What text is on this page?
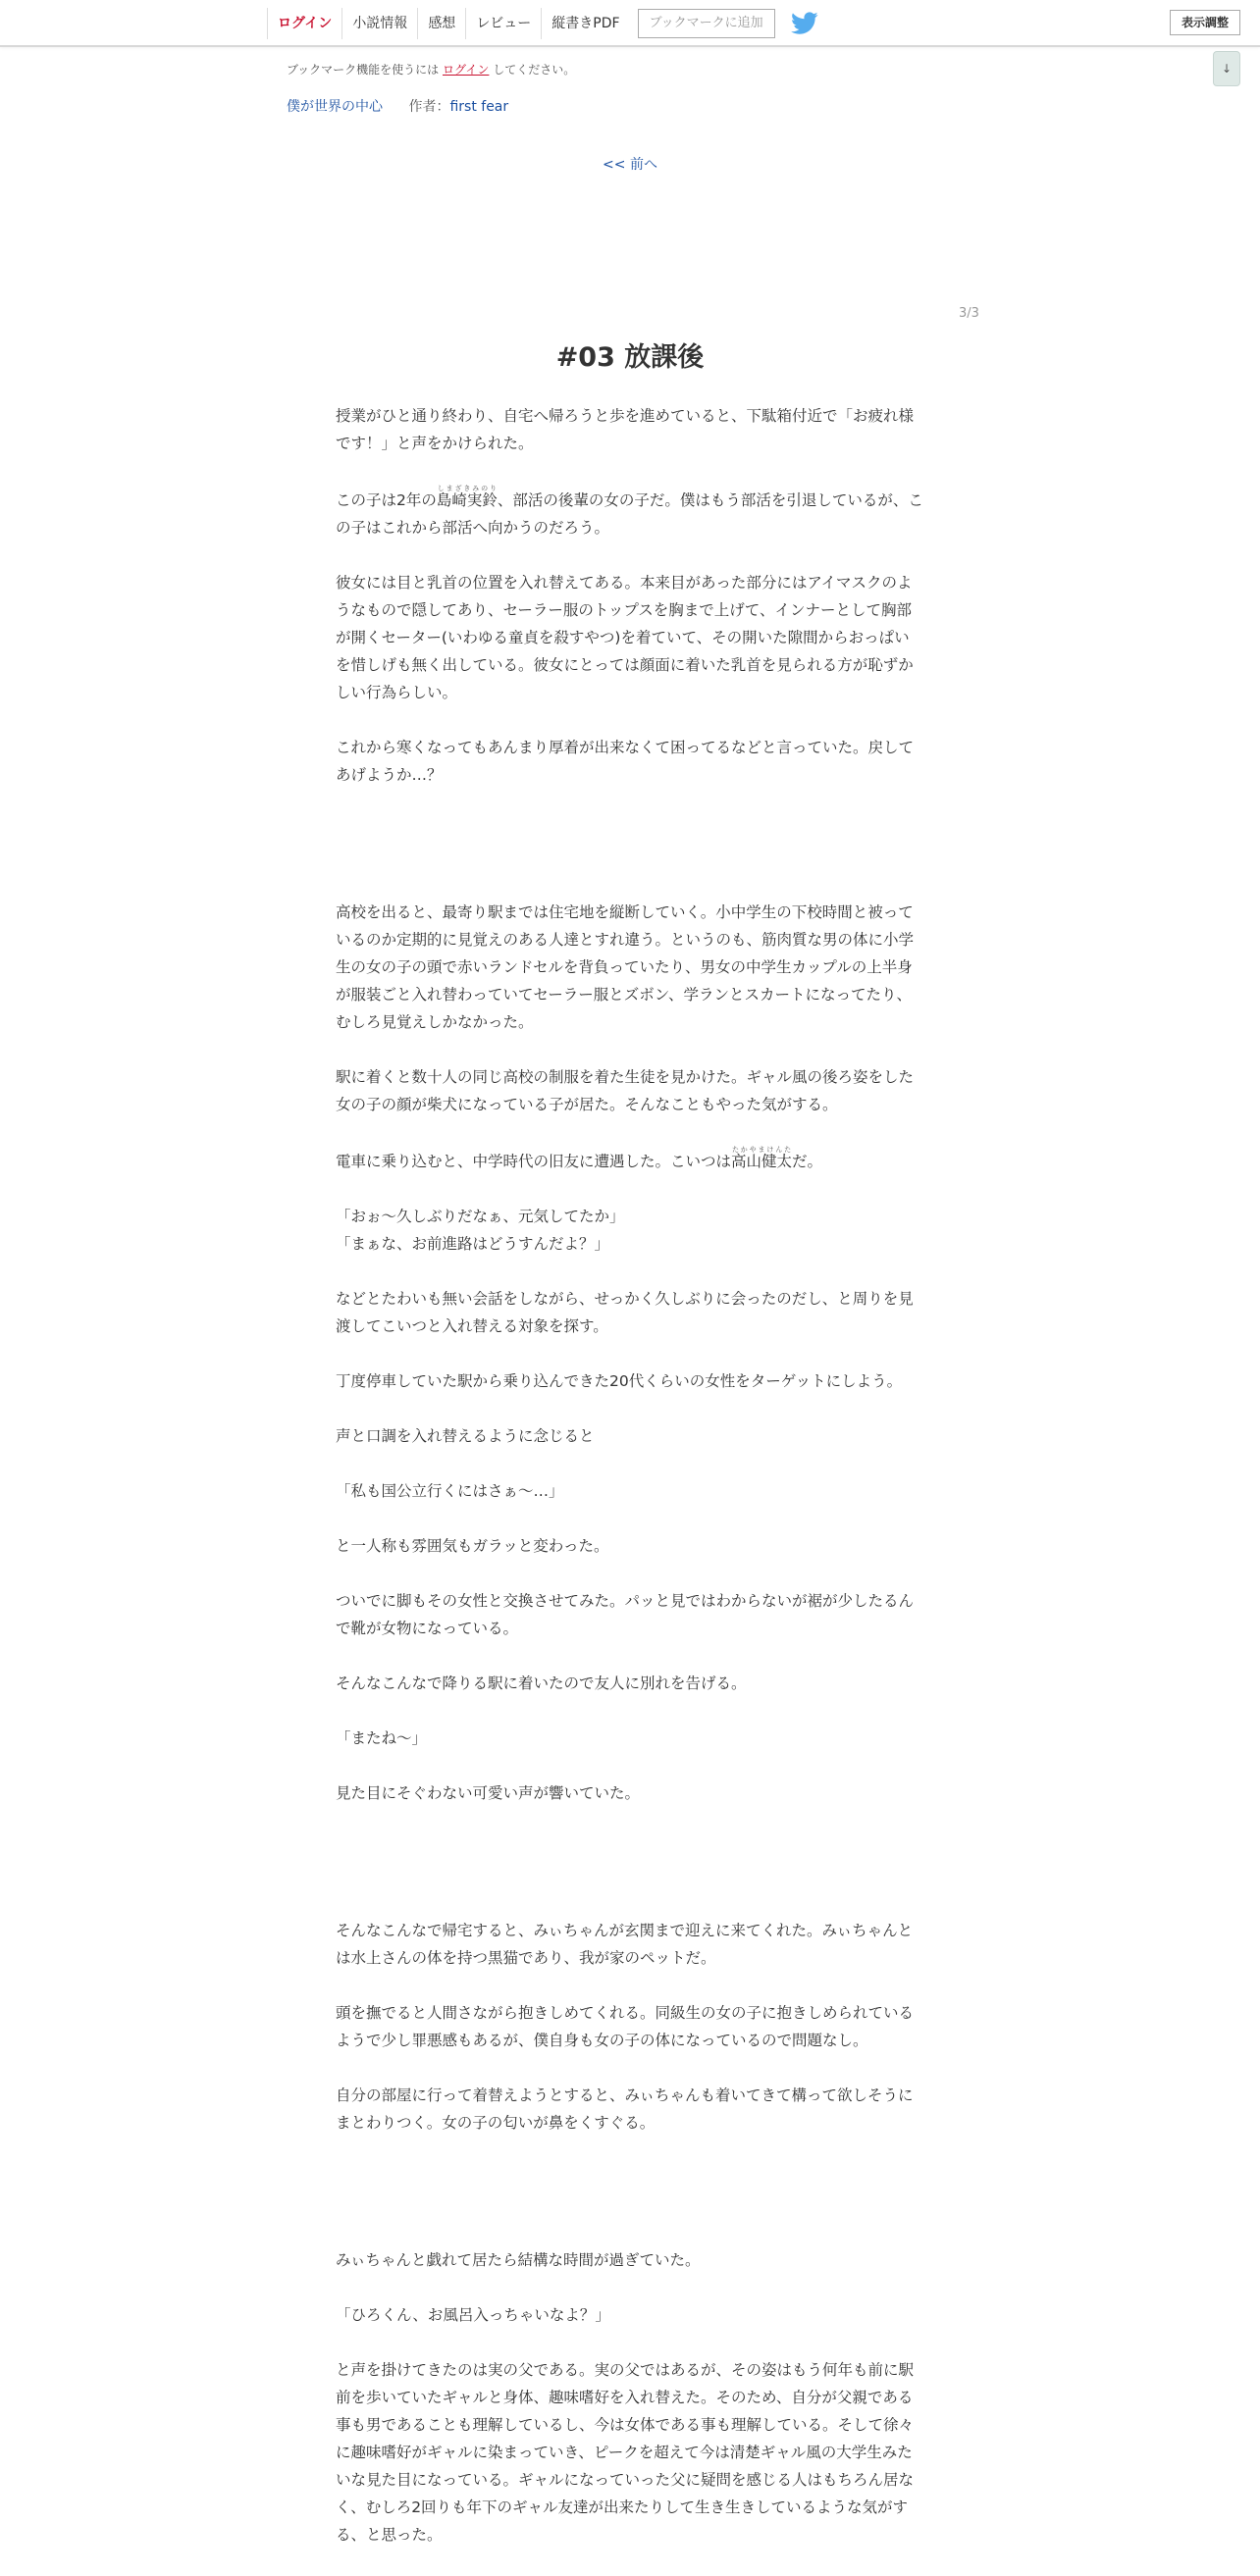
ログイン	小説情報	感想	レビュー	縦書きPDF	ブックマークに追加	表示調整
↓
ブックマーク機能を使うには ログイン してください。
僕が世界の中心 作者：first fear
<< 前へ
3/3
#03 放課後

授業がひと通り終わり、自宅へ帰ろうと歩を進めていると、下駄箱付近で「お疲れ様です！」と声をかけられた。

この子は2年の島崎実鈴しまざきみのり、部活の後輩の女の子だ。僕はもう部活を引退しているが、この子はこれから部活へ向かうのだろう。

彼女には目と乳首の位置を入れ替えてある。本来目があった部分にはアイマスクのようなもので隠してあり、セーラー服のトップスを胸まで上げて、インナーとして胸部が開くセーター(いわゆる童貞を殺すやつ)を着ていて、その開いた隙間からおっぱいを惜しげも無く出している。彼女にとっては顔面に着いた乳首を見られる方が恥ずかしい行為らしい。

これから寒くなってもあんまり厚着が出来なくて困ってるなどと言っていた。戻してあげようか…？

高校を出ると、最寄り駅までは住宅地を縦断していく。小中学生の下校時間と被っているのか定期的に見覚えのある人達とすれ違う。というのも、筋肉質な男の体に小学生の女の子の頭で赤いランドセルを背負っていたり、男女の中学生カップルの上半身が服装ごと入れ替わっていてセーラー服とズボン、学ランとスカートになってたり、むしろ見覚えしかなかった。

駅に着くと数十人の同じ高校の制服を着た生徒を見かけた。ギャル風の後ろ姿をした女の子の顔が柴犬になっている子が居た。そんなこともやった気がする。

電車に乗り込むと、中学時代の旧友に遭遇した。こいつは高山健太たかやまけんただ。

「おぉ～久しぶりだなぁ、元気してたか」

「まぁな、お前進路はどうすんだよ？」

などとたわいも無い会話をしながら、せっかく久しぶりに会ったのだし、と周りを見渡してこいつと入れ替える対象を探す。

丁度停車していた駅から乗り込んできた20代くらいの女性をターゲットにしよう。

声と口調を入れ替えるように念じると

「私も国公立行くにはさぁ～…」

と一人称も雰囲気もガラッと変わった。

ついでに脚もその女性と交換させてみた。パッと見ではわからないが裾が少したるんで靴が女物になっている。

そんなこんなで降りる駅に着いたので友人に別れを告げる。

「またね～」

見た目にそぐわない可愛い声が響いていた。

そんなこんなで帰宅すると、みぃちゃんが玄関まで迎えに来てくれた。みぃちゃんとは水上さんの体を持つ黒猫であり、我が家のペットだ。

頭を撫でると人間さながら抱きしめてくれる。同級生の女の子に抱きしめられているようで少し罪悪感もあるが、僕自身も女の子の体になっているので問題なし。

自分の部屋に行って着替えようとすると、みぃちゃんも着いてきて構って欲しそうにまとわりつく。女の子の匂いが鼻をくすぐる。

みぃちゃんと戯れて居たら結構な時間が過ぎていた。

「ひろくん、お風呂入っちゃいなよ？」

と声を掛けてきたのは実の父である。実の父ではあるが、その姿はもう何年も前に駅前を歩いていたギャルと身体、趣味嗜好を入れ替えた。そのため、自分が父親である事も男であることも理解しているし、今は女体である事も理解している。そして徐々に趣味嗜好がギャルに染まっていき、ピークを超えて今は清楚ギャル風の大学生みたいな見た目になっている。ギャルになっていった父に疑問を感じる人はもちろん居なく、むしろ2回りも年下のギャル友達が出来たりして生き生きしているような気がする、と思った。
